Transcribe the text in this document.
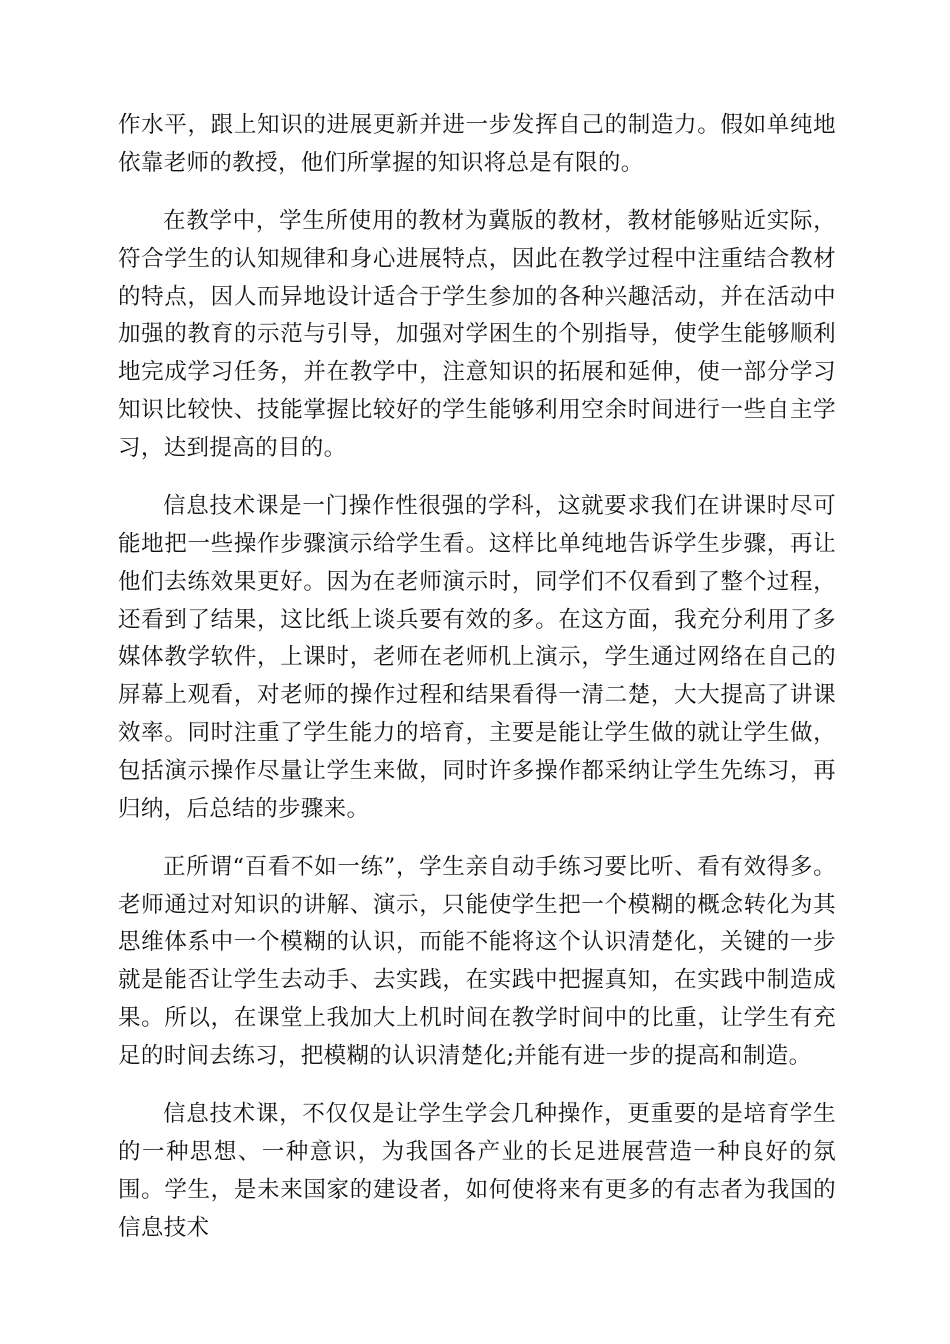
作水平，跟上知识的进展更新并进一步发挥自己的制造力。假如单纯地依靠老师的教授，他们所掌握的知识将总是有限的。

在教学中，学生所使用的教材为冀版的教材，教材能够贴近实际，符合学生的认知规律和身心进展特点，因此在教学过程中注重结合教材的特点，因人而异地设计适合于学生参加的各种兴趣活动，并在活动中加强的教育的示范与引导，加强对学困生的个别指导，使学生能够顺利地完成学习任务，并在教学中，注意知识的拓展和延伸，使一部分学习知识比较快、技能掌握比较好的学生能够利用空余时间进行一些自主学习，达到提高的目的。

信息技术课是一门操作性很强的学科，这就要求我们在讲课时尽可能地把一些操作步骤演示给学生看。这样比单纯地告诉学生步骤，再让他们去练效果更好。因为在老师演示时，同学们不仅看到了整个过程，还看到了结果，这比纸上谈兵要有效的多。在这方面，我充分利用了多媒体教学软件，上课时，老师在老师机上演示，学生通过网络在自己的屏幕上观看，对老师的操作过程和结果看得一清二楚，大大提高了讲课效率。同时注重了学生能力的培育，主要是能让学生做的就让学生做，包括演示操作尽量让学生来做，同时许多操作都采纳让学生先练习，再归纳，后总结的步骤来。

正所谓“百看不如一练”，学生亲自动手练习要比听、看有效得多。老师通过对知识的讲解、演示，只能使学生把一个模糊的概念转化为其思维体系中一个模糊的认识，而能不能将这个认识清楚化，关键的一步就是能否让学生去动手、去实践，在实践中把握真知，在实践中制造成果。所以，在课堂上我加大上机时间在教学时间中的比重，让学生有充足的时间去练习，把模糊的认识清楚化;并能有进一步的提高和制造。

信息技术课，不仅仅是让学生学会几种操作，更重要的是培育学生的一种思想、一种意识，为我国各产业的长足进展营造一种良好的氛围。学生，是未来国家的建设者，如何使将来有更多的有志者为我国的信息技术
